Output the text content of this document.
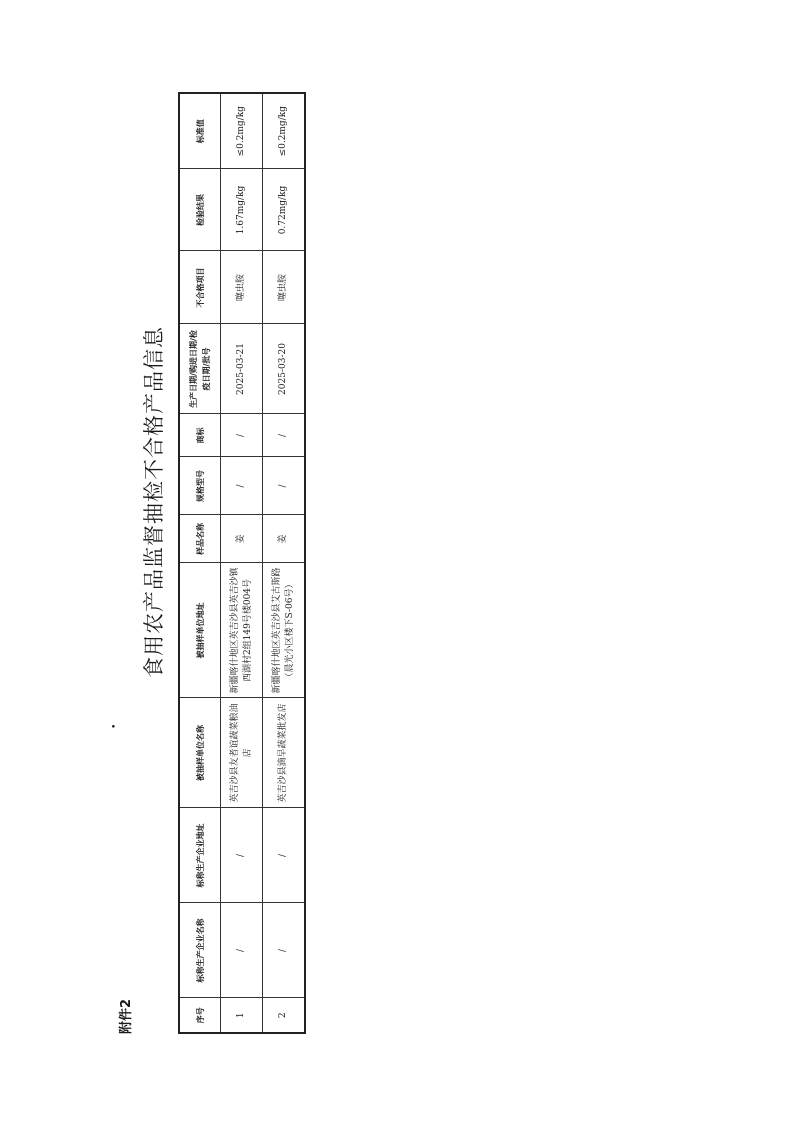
附件2
•
食用农产品监督抽检不合格产品信息
序号	标称生产企业名称	标称生产企业地址	被抽样单位名称	被抽样单位地址	样品名称	规格型号	商标	生产日期/购进日期/检疫日期/批号	不合格项目	检验结果	标准值
1	/	/	英吉沙县友者谊蔬菜粮油店	新疆喀什地区英吉沙县英吉沙镇西湖村2组149号楼004号	姜	/	/	2025-03-21	噻虫胺	1.67mg/kg	≤0.2mg/kg
2	/	/	英吉沙县滴早蔬菜批发店	新疆喀什地区英吉沙县艾古斯路（晨光小区楼下S-06号）	姜	/	/	2025-03-20	噻虫胺	0.72mg/kg	≤0.2mg/kg
